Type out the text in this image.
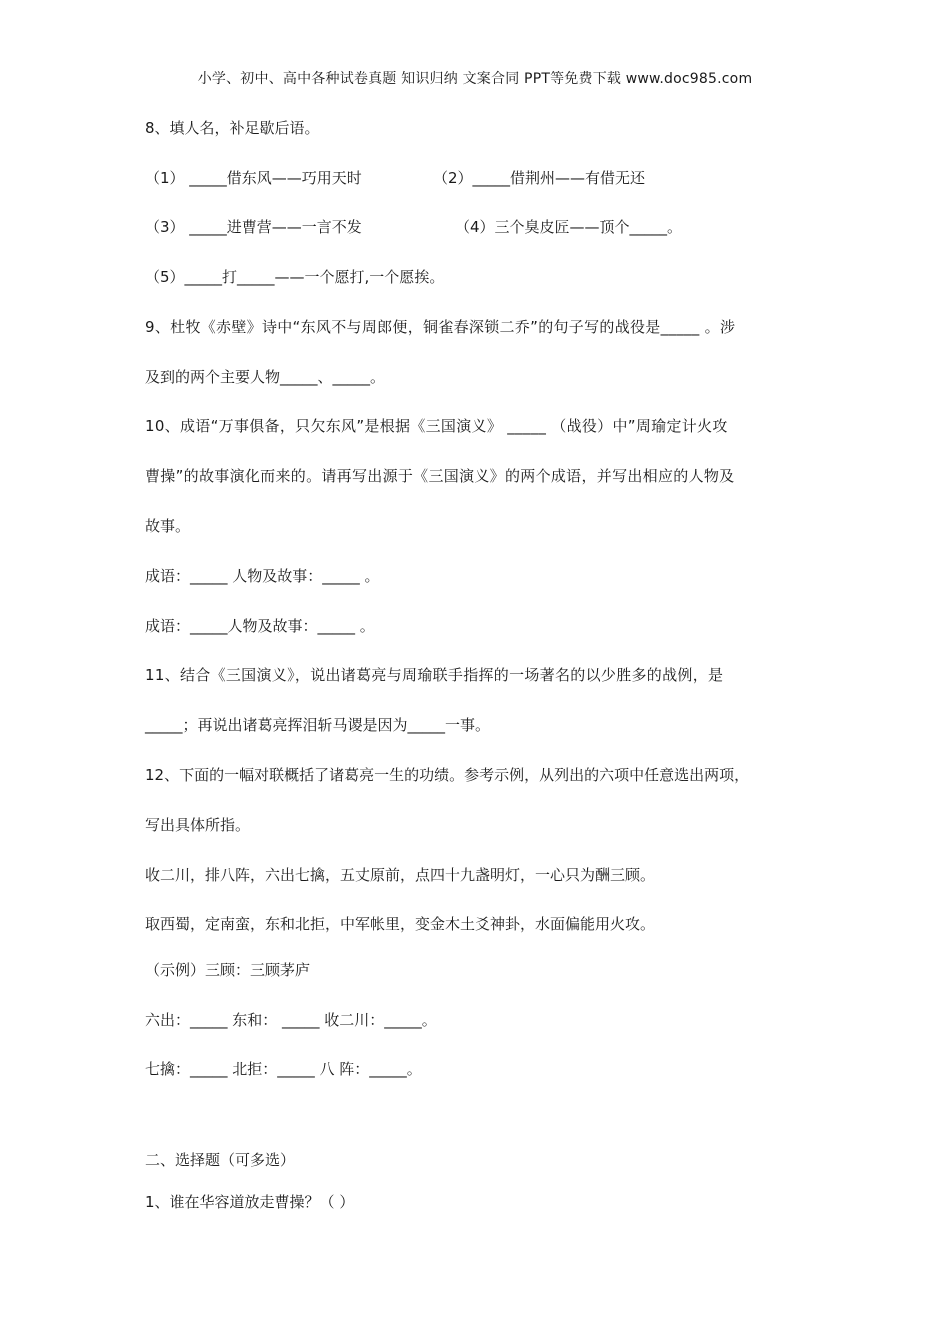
小学、初中、高中各种试卷真题 知识归纳 文案合同 PPT等免费下载 www.doc985.com
8、填人名，补足歇后语。
（1） _____借东风——巧用天时	（2）_____借荆州——有借无还
（3） _____进曹营——一言不发	（4）三个臭皮匠——顶个_____。
（5）_____打_____——一个愿打,一个愿挨。
9、杜牧《赤壁》诗中“东风不与周郎便，铜雀春深锁二乔”的句子写的战役是_____ 。涉
及到的两个主要人物_____、_____。
10、成语“万事俱备，只欠东风”是根据《三国演义》 _____ （战役）中”周瑜定计火攻
曹操”的故事演化而来的。请再写出源于《三国演义》的两个成语，并写出相应的人物及
故事。
成语：_____ 人物及故事：_____ 。
成语：_____人物及故事：_____ 。
11、结合《三国演义》，说出诸葛亮与周瑜联手指挥的一场著名的以少胜多的战例，是
_____；再说出诸葛亮挥泪斩马谡是因为_____一事。
12、下面的一幅对联概括了诸葛亮一生的功绩。参考示例，从列出的六项中任意选出两项，
写出具体所指。
收二川，排八阵，六出七擒，五丈原前，点四十九盏明灯，一心只为酬三顾。
取西蜀，定南蛮，东和北拒，中军帐里，变金木土爻神卦，水面偏能用火攻。
（示例）三顾：三顾茅庐
六出：_____ 东和： _____ 收二川：_____。
七擒：_____ 北拒：_____ 八 阵：_____。
二、选择题（可多选）
1、谁在华容道放走曹操？（ ）
